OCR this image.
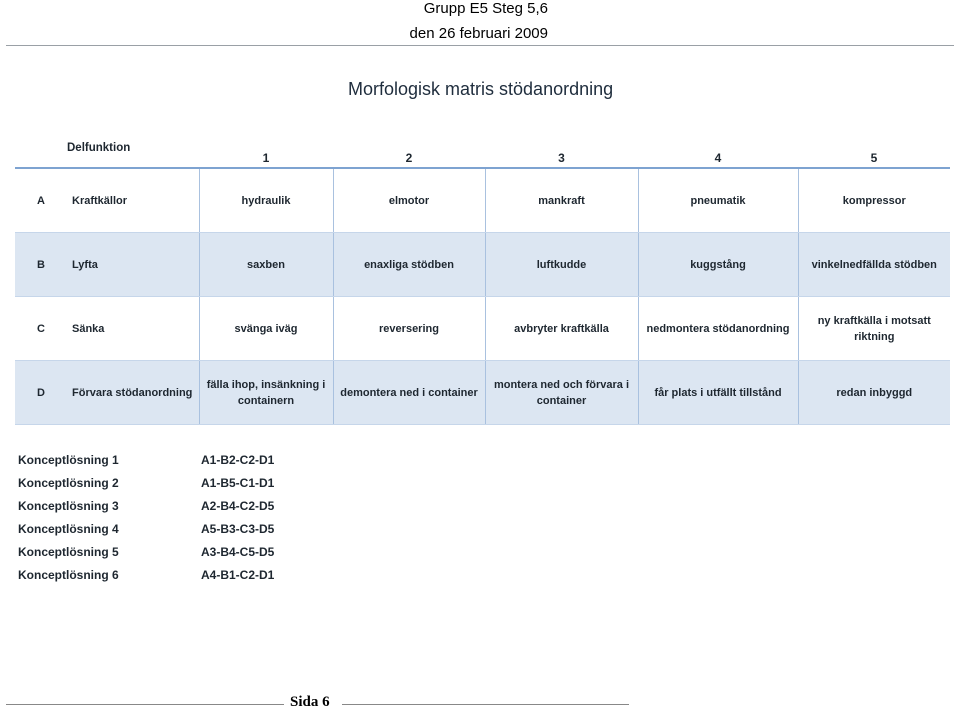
Grupp E5 Steg 5,6
den 26 februari 2009
Morfologisk matris stödanordning
Delfunktion	1	2	3	4	5
A Kraftkällor	hydraulik	elmotor	mankraft	pneumatik	kompressor
B Lyfta	saxben	enaxliga stödben	luftkudde	kuggstång	vinkelnedfällda stödben
C Sänka	svänga iväg	reversering	avbryter kraftkälla	nedmontera stödanordning	ny kraftkälla i motsatt riktning
D Förvara stödanordning	fälla ihop, insänkning i containern	demontera ned i container	montera ned och förvara i container	får plats i utfällt tillstånd	redan inbyggd
Konceptlösning 1	A1-B2-C2-D1
Konceptlösning 2	A1-B5-C1-D1
Konceptlösning 3	A2-B4-C2-D5
Konceptlösning 4	A5-B3-C3-D5
Konceptlösning 5	A3-B4-C5-D5
Konceptlösning 6	A4-B1-C2-D1
Sida 6
